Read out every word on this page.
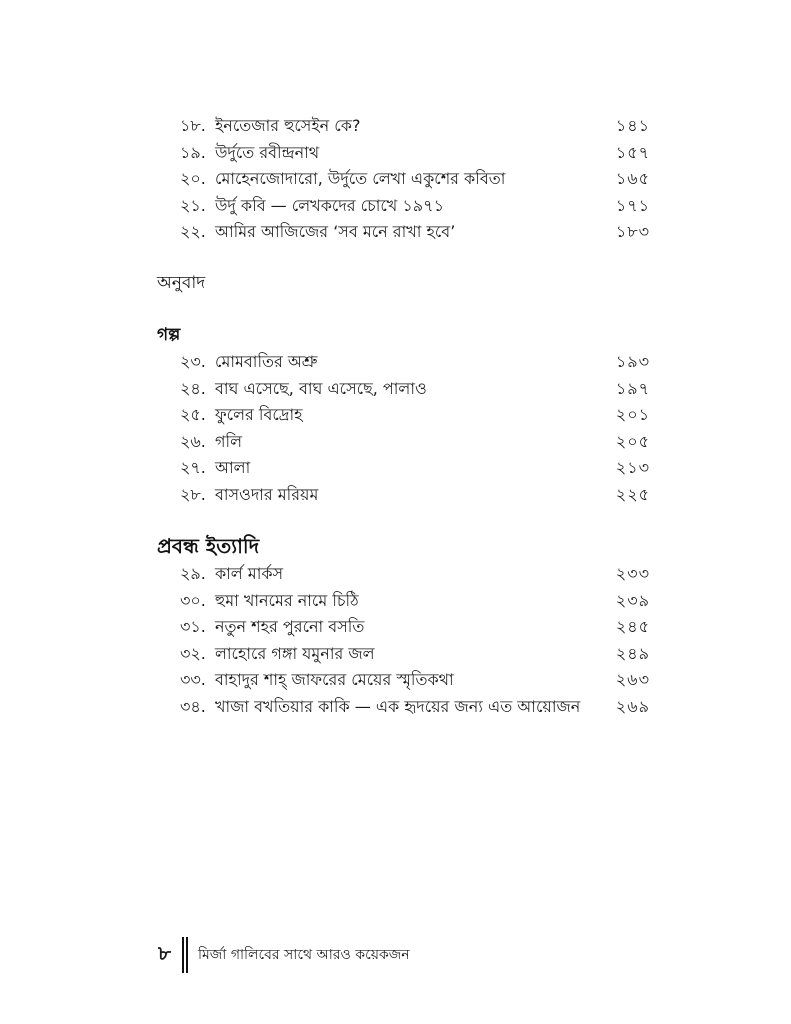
১৮. ইনতেজার হুসেইন কে?	১৪১
১৯. উর্দুতে রবীন্দ্রনাথ	১৫৭
২০. মোহেনজোদারো, উর্দুতে লেখা একুশের কবিতা	১৬৫
২১. উর্দু কবি — লেখকদের চোখে ১৯৭১	১৭১
২২. আমির আজিজের ‘সব মনে রাখা হবে’	১৮৩
অনুবাদ
গল্প
২৩. মোমবাতির অশ্রু	১৯৩
২৪. বাঘ এসেছে, বাঘ এসেছে, পালাও	১৯৭
২৫. ফুলের বিদ্রোহ	২০১
২৬. গলি	২০৫
২৭. আলা	২১৩
২৮. বাসওদার মরিয়ম	২২৫
প্রবন্ধ ইত্যাদি
২৯. কার্ল মার্কস	২৩৩
৩০. হুমা খানমের নামে চিঠি	২৩৯
৩১. নতুন শহর পুরনো বসতি	২৪৫
৩২. লাহোরে গঙ্গা যমুনার জল	২৪৯
৩৩. বাহাদুর শাহ্‌ জাফরের মেয়ের স্মৃতিকথা	২৬৩
৩৪. খাজা বখতিয়ার কাকি — এক হৃদয়ের জন্য এত আয়োজন ২৬৯
৮	মির্জা গালিবের সাথে আরও কয়েকজন
